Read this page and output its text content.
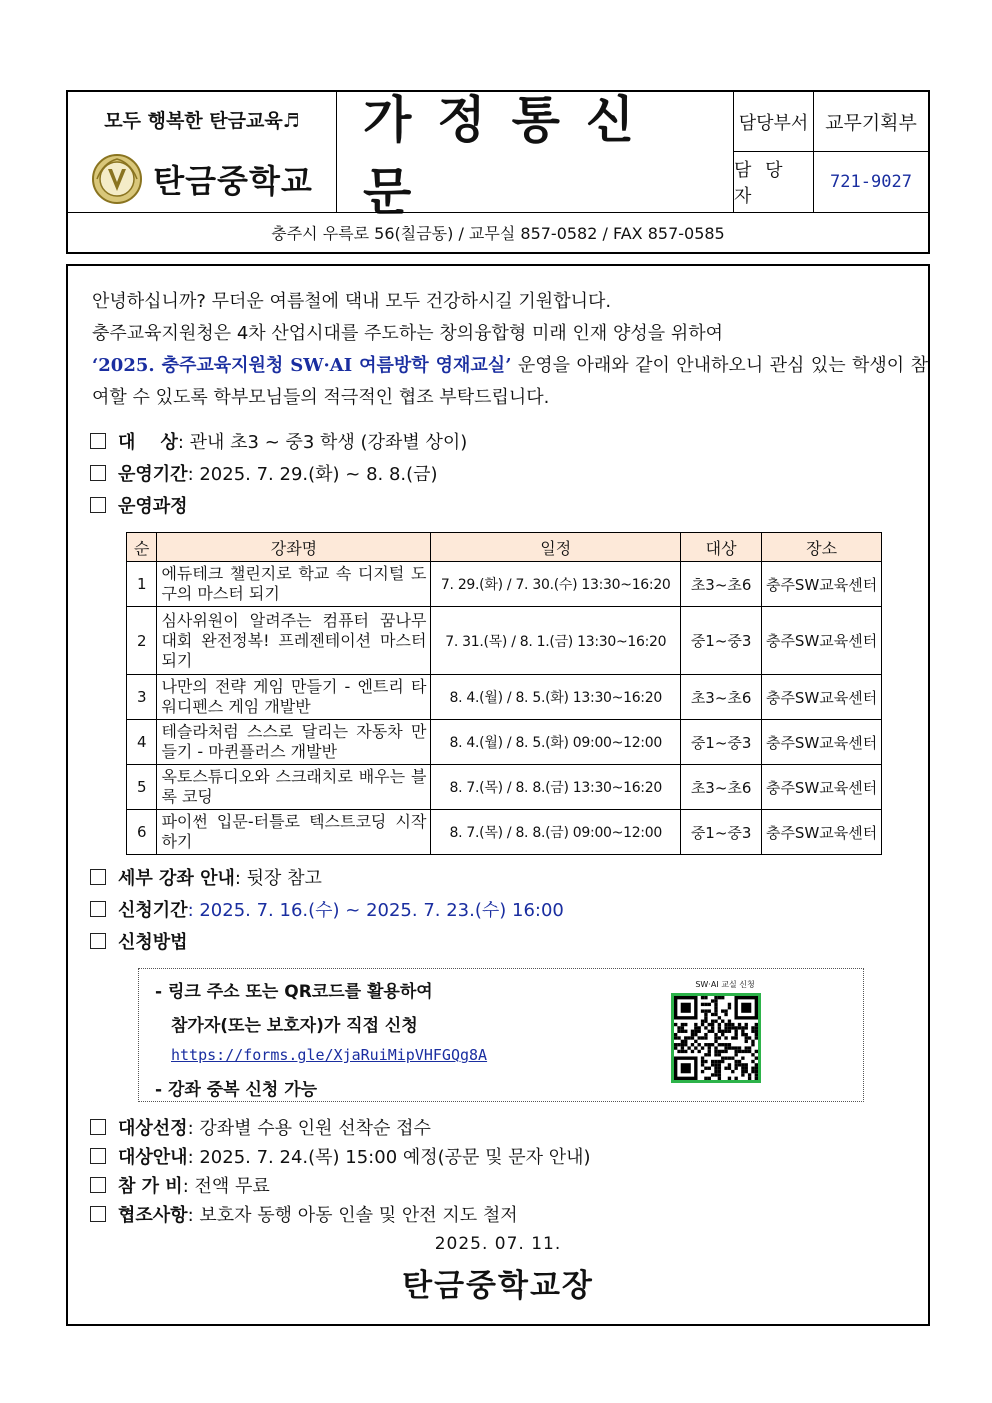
모두 행복한 탄금교육♬
탄금중학교
가정통신문
담당부서 교무기획부
담 당 자
721-9027
충주시 우륵로 56(칠금동) / 교무실 857-0582 / FAX 857-0585

안녕하십니까? 무더운 여름철에 댁내 모두 건강하시길 기원합니다.

충주교육지원청은 4차 산업시대를 주도하는 창의융합형 미래 인재 양성을 위하여

‘2025. 충주교육지원청 SW·AI 여름방학 영재교실’ 운영을 아래와 같이 안내하오니 관심 있는 학생이 참여할 수 있도록 학부모님들의 적극적인 협조 부탁드립니다.

대    상: 관내 초3 ~ 중3 학생 (강좌별 상이)
운영기간: 2025. 7. 29.(화) ~ 8. 8.(금)
운영과정
순	강좌명	일정	대상	장소
1	에듀테크 챌린지로 학교 속 디지털 도구의 마스터 되기	7. 29.(화) / 7. 30.(수) 13:30~16:20	초3~초6	충주SW교육센터
2	심사위원이 알려주는 컴퓨터 꿈나무 대회 완전정복! 프레젠테이션 마스터 되기	7. 31.(목) / 8. 1.(금) 13:30~16:20	중1~중3	충주SW교육센터
3	나만의 전략 게임 만들기 - 엔트리 타워디펜스 게임 개발반	8. 4.(월) / 8. 5.(화) 13:30~16:20	초3~초6	충주SW교육센터
4	테슬라처럼 스스로 달리는 자동차 만들기 - 마퀸플러스 개발반	8. 4.(월) / 8. 5.(화) 09:00~12:00	중1~중3	충주SW교육센터
5	옥토스튜디오와 스크래치로 배우는 블록 코딩	8. 7.(목) / 8. 8.(금) 13:30~16:20	초3~초6	충주SW교육센터
6	파이썬 입문-터틀로 텍스트코딩 시작하기	8. 7.(목) / 8. 8.(금) 09:00~12:00	중1~중3	충주SW교육센터
세부 강좌 안내: 뒷장 참고
신청기간: 2025. 7. 16.(수) ~ 2025. 7. 23.(수) 16:00
신청방법
- 링크 주소 또는 QR코드를 활용하여
참가자(또는 보호자)가 직접 신청
https://forms.gle/XjaRuiMipVHFGQg8A
- 강좌 중복 신청 가능
SW·AI 교실 신청
대상선정: 강좌별 수용 인원 선착순 접수
대상안내: 2025. 7. 24.(목) 15:00 예정(공문 및 문자 안내)
참 가 비: 전액 무료
협조사항: 보호자 동행 아동 인솔 및 안전 지도 철저
2025. 07. 11.
탄금중학교장
